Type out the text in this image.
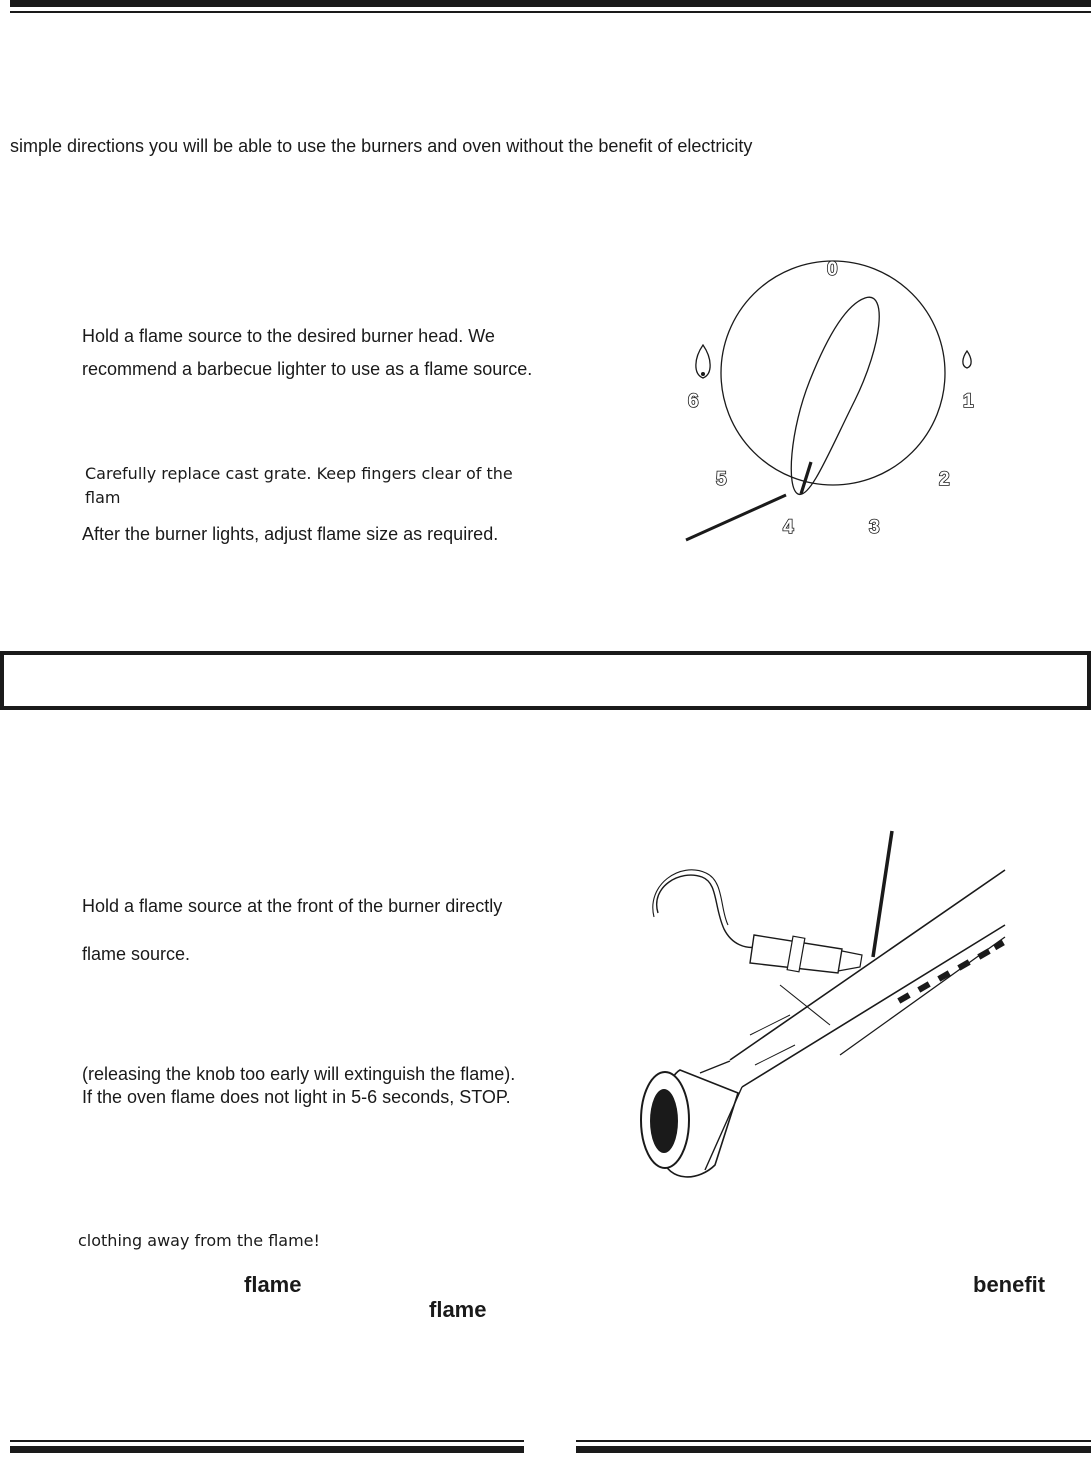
simple directions you will be able to use the burners and oven without the benefit of electricity
Hold a flame source to the desired burner head. We
recommend a barbecue lighter to use as a flame source.
Carefully replace cast grate. Keep fingers clear of the
flam
After the burner lights, adjust flame size as required.
0
1
2
3
4
5
6
Hold a flame source at the front of the burner directly
flame source.
(releasing the knob too early will extinguish the flame).
If the oven flame does not light in 5-6 seconds, STOP.
clothing away from the flame!
flame	benefit
flame
